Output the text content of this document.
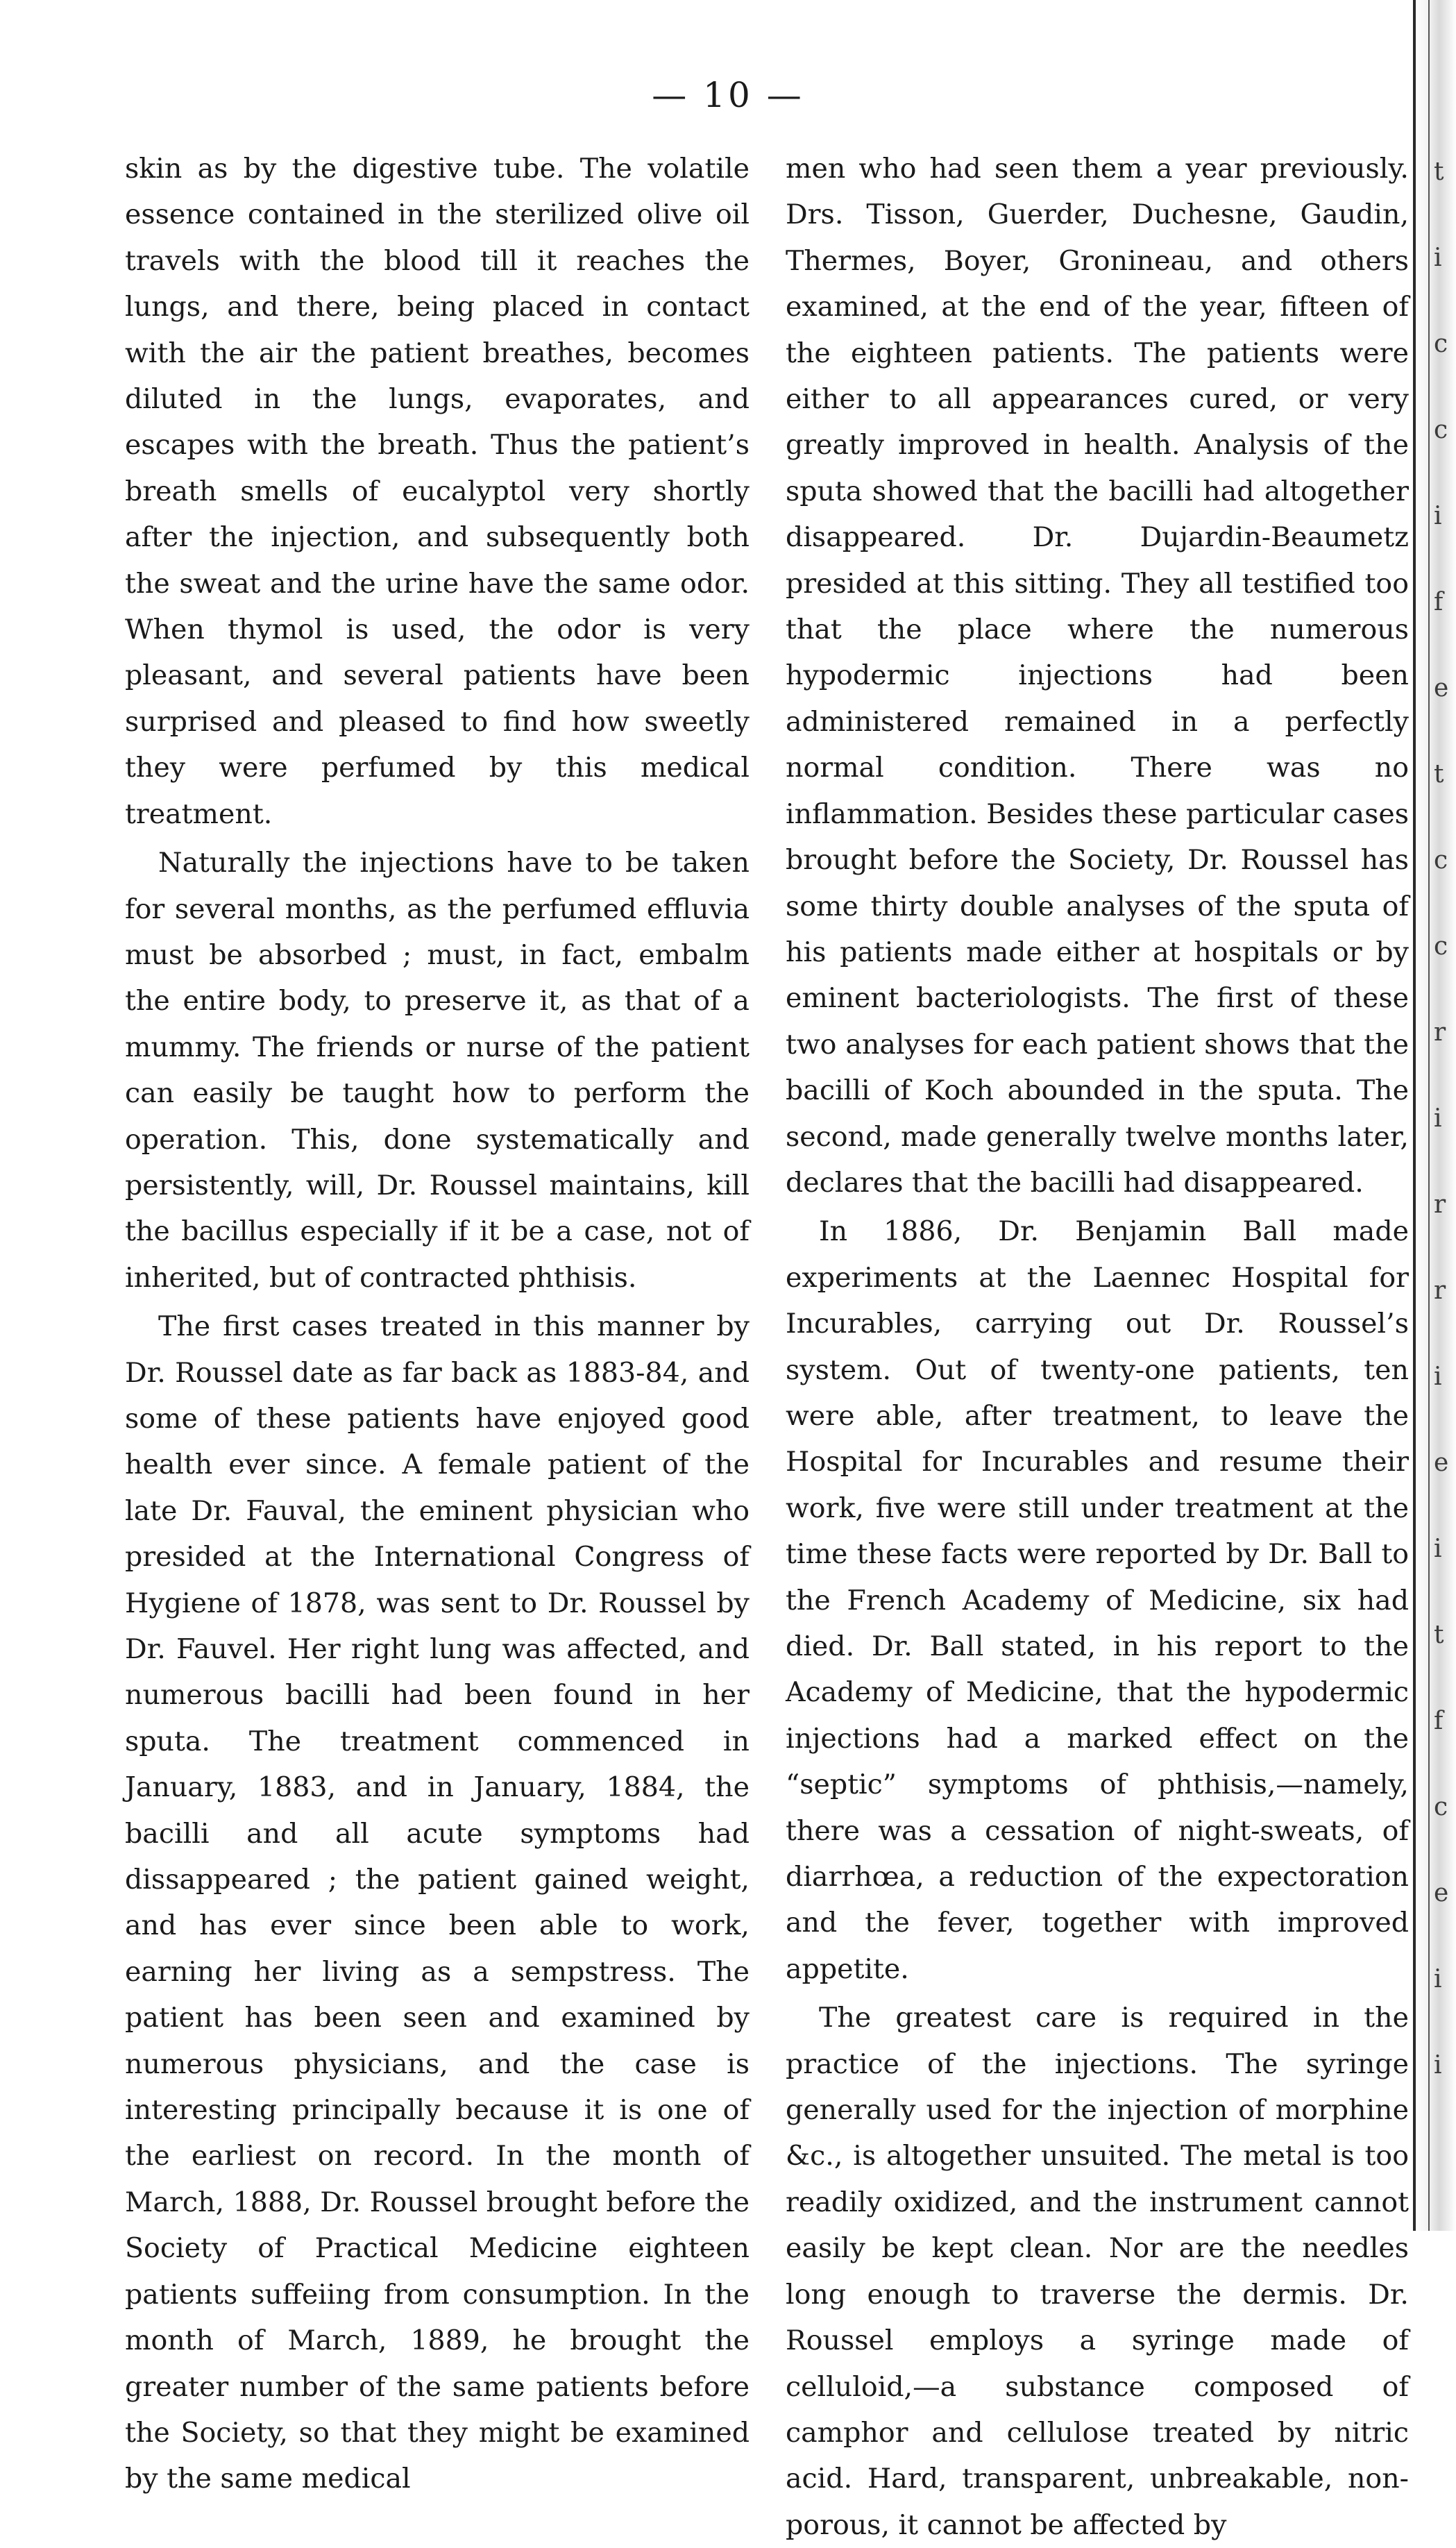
— 10 —

skin as by the digestive tube. The volatile essence contained in the sterilized olive oil travels with the blood till it reaches the lungs, and there, being placed in contact with the air the patient breathes, becomes diluted in the lungs, evaporates, and escapes with the breath. Thus the patient’s breath smells of eucalyptol very shortly after the injection, and subsequently both the sweat and the urine have the same odor. When thymol is used, the odor is very pleasant, and several patients have been surprised and pleased to find how sweetly they were perfumed by this medical treatment.

Naturally the injections have to be taken for several months, as the perfumed effluvia must be absorbed ; must, in fact, embalm the entire body, to preserve it, as that of a mummy. The friends or nurse of the patient can easily be taught how to perform the operation. This, done systematically and persistently, will, Dr. Roussel maintains, kill the bacillus especially if it be a case, not of inherited, but of contracted phthisis.

The first cases treated in this manner by Dr. Roussel date as far back as 1883-84, and some of these patients have enjoyed good health ever since. A female patient of the late Dr. Fauval, the eminent physician who presided at the International Congress of Hygiene of 1878, was sent to Dr. Roussel by Dr. Fauvel. Her right lung was affected, and numerous bacilli had been found in her sputa. The treatment commenced in January, 1883, and in January, 1884, the bacilli and all acute symptoms had dissappeared ; the patient gained weight, and has ever since been able to work, earning her living as a sempstress. The patient has been seen and examined by numerous physicians, and the case is interesting principally because it is one of the earliest on record. In the month of March, 1888, Dr. Roussel brought before the Society of Practical Medicine eighteen patients suffeiing from consumption. In the month of March, 1889, he brought the greater number of the same patients before the Society, so that they might be examined by the same medical

men who had seen them a year previously. Drs. Tisson, Guerder, Duchesne, Gaudin, Thermes, Boyer, Gronineau, and others examined, at the end of the year, fifteen of the eighteen patients. The patients were either to all appearances cured, or very greatly improved in health. Analysis of the sputa showed that the bacilli had altogether disappeared. Dr. Dujardin-Beaumetz presided at this sitting. They all testified too that the place where the numerous hypodermic injections had been administered remained in a perfectly normal condition. There was no inflammation. Besides these particular cases brought before the Society, Dr. Roussel has some thirty double analyses of the sputa of his patients made either at hospitals or by eminent bacteriologists. The first of these two analyses for each patient shows that the bacilli of Koch abounded in the sputa. The second, made generally twelve months later, declares that the bacilli had disappeared.

In 1886, Dr. Benjamin Ball made experiments at the Laennec Hospital for Incurables, carrying out Dr. Roussel’s system. Out of twenty-one patients, ten were able, after treatment, to leave the Hospital for Incurables and resume their work, five were still under treatment at the time these facts were reported by Dr. Ball to the French Academy of Medicine, six had died. Dr. Ball stated, in his report to the Academy of Medicine, that the hypodermic injections had a marked effect on the “septic” symptoms of phthisis,—namely, there was a cessation of night-sweats, of diarrhœa, a reduction of the expectoration and the fever, together with improved appetite.

The greatest care is required in the practice of the injections. The syringe generally used for the injection of morphine &c., is altogether unsuited. The metal is too readily oxidized, and the instrument cannot easily be kept clean. Nor are the needles long enough to traverse the dermis. Dr. Roussel employs a syringe made of celluloid,—a substance composed of camphor and cellulose treated by nitric acid. Hard, transparent, unbreakable, non-porous, it cannot be affected by

t
i
c
c
i
f
e
t
c
c
r
i
r
r
i
e
i
t
f
c
e
i
i
